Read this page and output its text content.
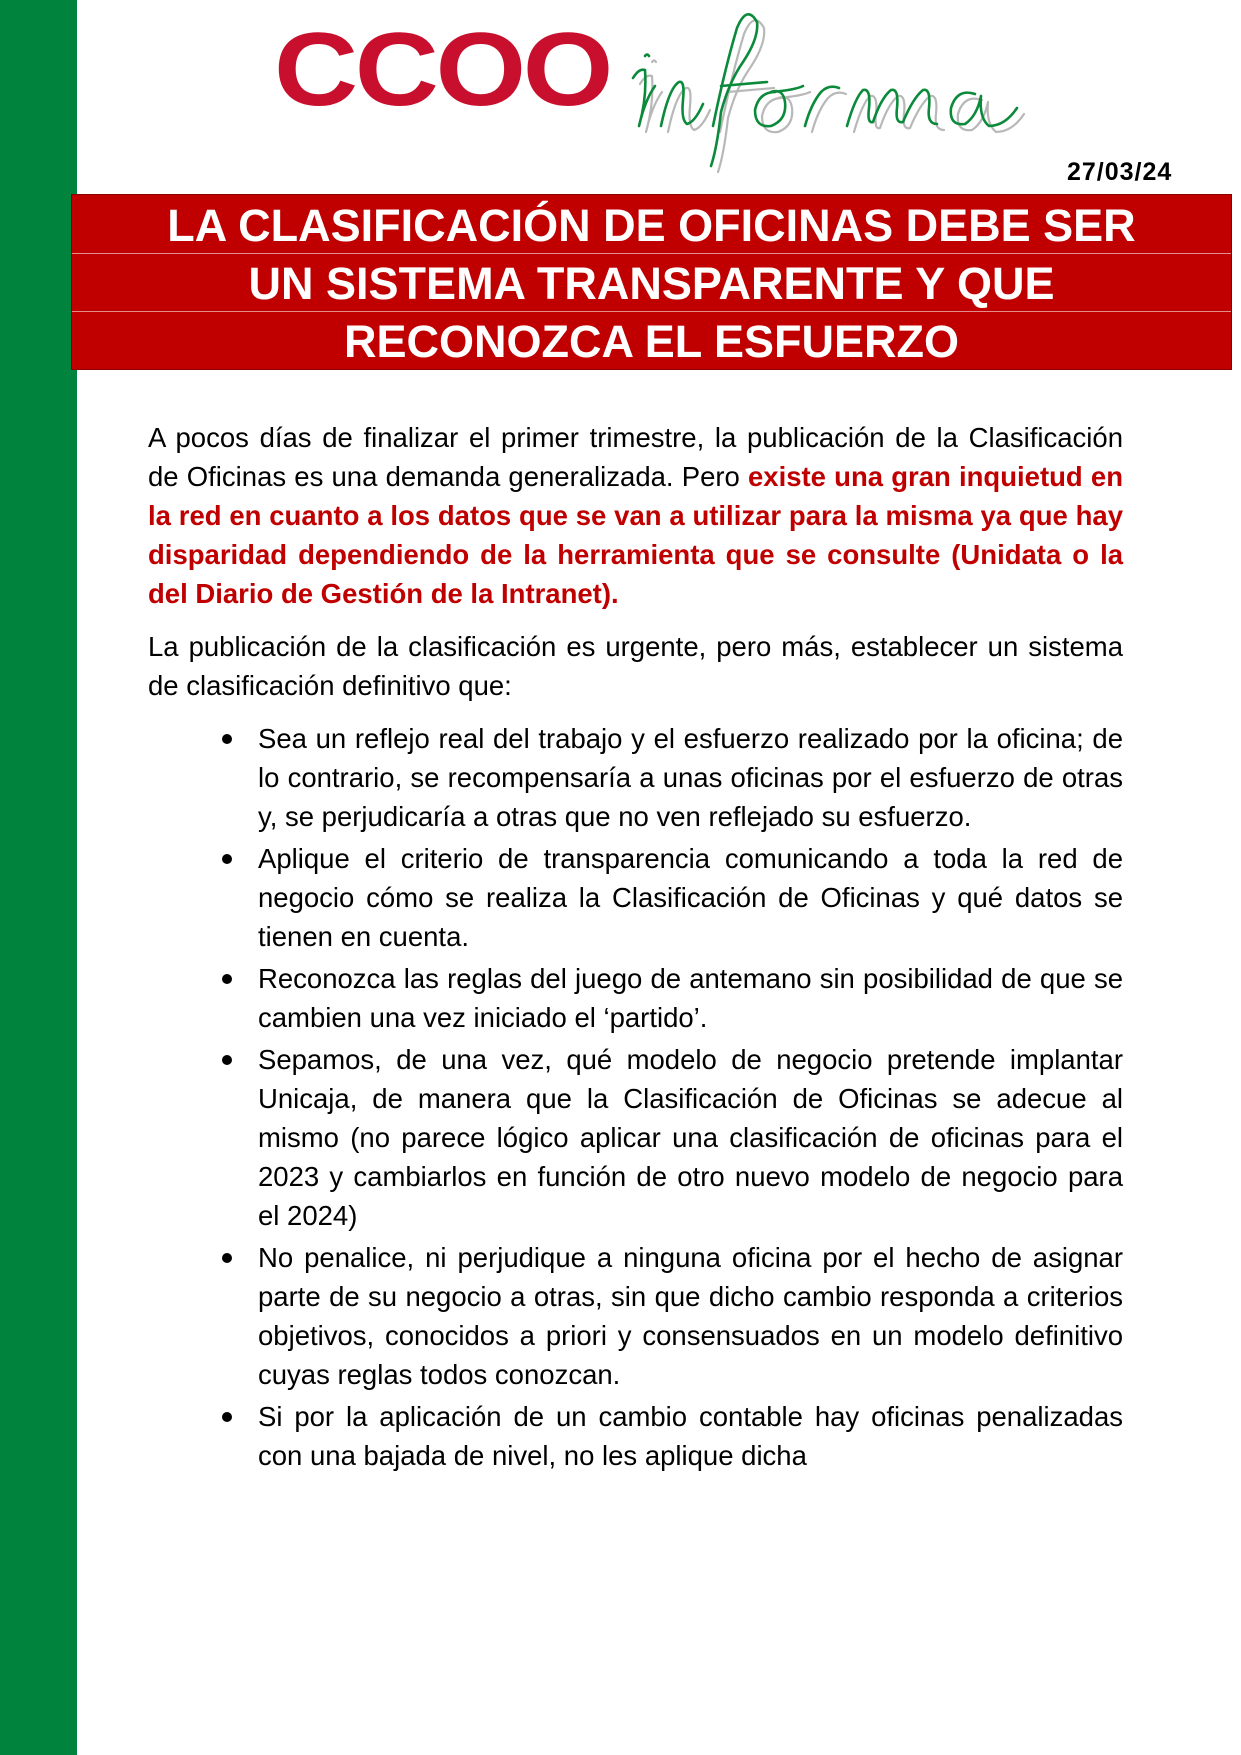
CCOO
27/03/24
LA CLASIFICACIÓN DE OFICINAS DEBE SER
UN SISTEMA TRANSPARENTE Y QUE
RECONOZCA EL ESFUERZO

A pocos días de finalizar el primer trimestre, la publicación de la Clasificación de Oficinas es una demanda generalizada. Pero existe una gran inquietud en la red en cuanto a los datos que se van a utilizar para la misma ya que hay disparidad dependiendo de la herramienta que se consulte (Unidata o la del Diario de Gestión de la Intranet).

La publicación de la clasificación es urgente, pero más, establecer un sistema de clasificación definitivo que:

Sea un reflejo real del trabajo y el esfuerzo realizado por la oficina; de lo contrario, se recompensaría a unas oficinas por el esfuerzo de otras y, se perjudicaría a otras que no ven reflejado su esfuerzo.
Aplique el criterio de transparencia comunicando a toda la red de negocio cómo se realiza la Clasificación de Oficinas y qué datos se tienen en cuenta.
Reconozca las reglas del juego de antemano sin posibilidad de que se cambien una vez iniciado el ‘partido’.
Sepamos, de una vez, qué modelo de negocio pretende implantar Unicaja, de manera que la Clasificación de Oficinas se adecue al mismo (no parece lógico aplicar una clasificación de oficinas para el 2023 y cambiarlos en función de otro nuevo modelo de negocio para el 2024)
No penalice, ni perjudique a ninguna oficina por el hecho de asignar parte de su negocio a otras, sin que dicho cambio responda a criterios objetivos, conocidos a priori y consensuados en un modelo definitivo cuyas reglas todos conozcan.
Si por la aplicación de un cambio contable hay oficinas penalizadas con una bajada de nivel, no les aplique dicha
